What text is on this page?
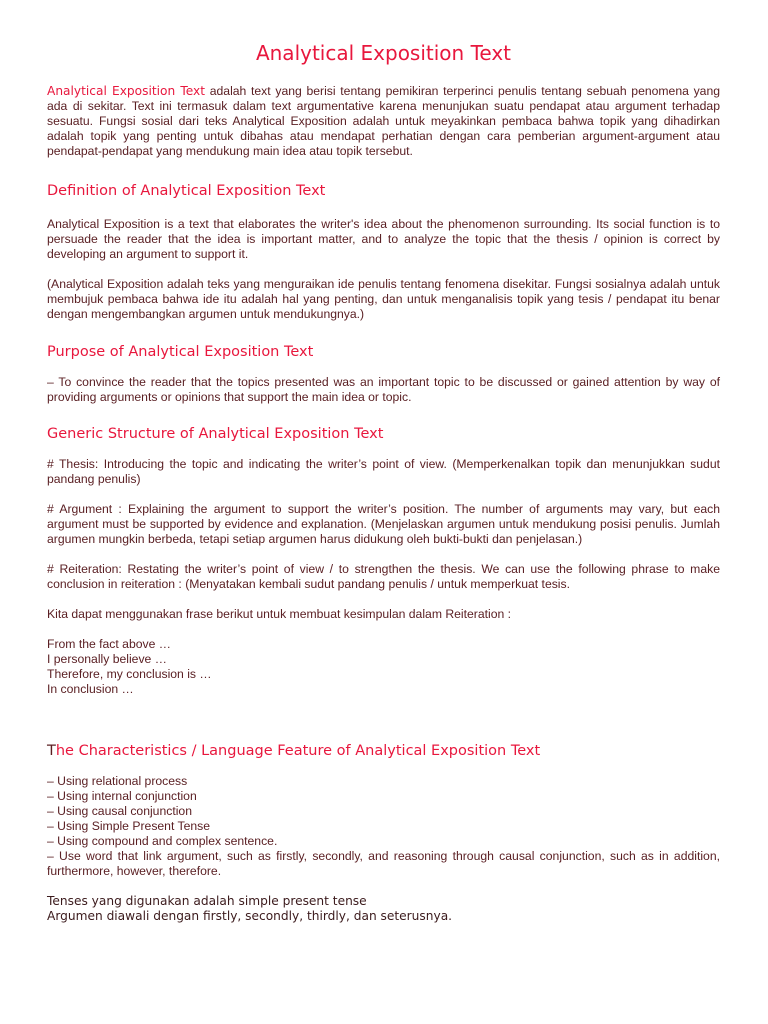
Analytical Exposition Text

Analytical Exposition Text adalah text yang berisi tentang pemikiran terperinci penulis tentang sebuah penomena yang ada di sekitar. Text ini termasuk dalam text argumentative karena menunjukan suatu pendapat atau argument terhadap sesuatu. Fungsi sosial dari teks Analytical Exposition adalah untuk meyakinkan pembaca bahwa topik yang dihadirkan adalah topik yang penting untuk dibahas atau mendapat perhatian dengan cara pemberian argument-argument atau pendapat-pendapat yang mendukung main idea atau topik tersebut.

Definition of Analytical Exposition Text

Analytical Exposition is a text that elaborates the writer's idea about the phenomenon surrounding. Its social function is to persuade the reader that the idea is important matter, and to analyze the topic that the thesis / opinion is correct by developing an argument to support it.

(Analytical Exposition adalah teks yang menguraikan ide penulis tentang fenomena disekitar. Fungsi sosialnya adalah untuk membujuk pembaca bahwa ide itu adalah hal yang penting, dan untuk menganalisis topik yang tesis / pendapat itu benar dengan mengembangkan argumen untuk mendukungnya.)

Purpose of Analytical Exposition Text

– To convince the reader that the topics presented was an important topic to be discussed or gained attention by way of providing arguments or opinions that support the main idea or topic.

Generic Structure of Analytical Exposition Text

# Thesis: Introducing the topic and indicating the writer’s point of view. (Memperkenalkan topik dan menunjukkan sudut pandang penulis)

# Argument : Explaining the argument to support the writer’s position. The number of arguments may vary, but each argument must be supported by evidence and explanation. (Menjelaskan argumen untuk mendukung posisi penulis. Jumlah argumen mungkin berbeda, tetapi setiap argumen harus didukung oleh bukti-bukti dan penjelasan.)

# Reiteration: Restating the writer’s point of view / to strengthen the thesis. We can use the following phrase to make conclusion in reiteration : (Menyatakan kembali sudut pandang penulis / untuk memperkuat tesis.

Kita dapat menggunakan frase berikut untuk membuat kesimpulan dalam Reiteration :

From the fact above …
I personally believe …
Therefore, my conclusion is …
In conclusion …
The Characteristics / Language Feature of Analytical Exposition Text
– Using relational process
– Using internal conjunction
– Using causal conjunction
– Using Simple Present Tense
– Using compound and complex sentence.
– Use word that link argument, such as firstly, secondly, and reasoning through causal conjunction, such as in addition, furthermore, however, therefore.
Tenses yang digunakan adalah simple present tense
Argumen diawali dengan firstly, secondly, thirdly, dan seterusnya.
